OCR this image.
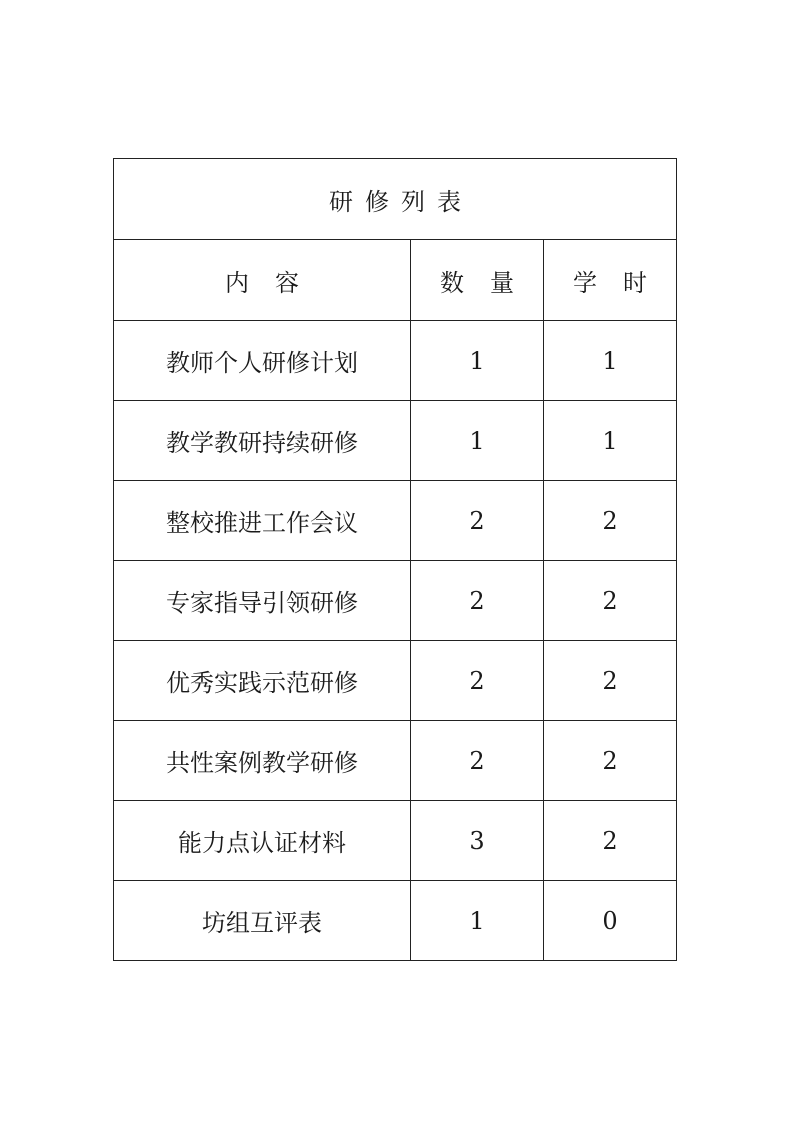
研修列表		
内容	数量	学时
教师个人研修计划	1	1
教学教研持续研修	1	1
整校推进工作会议	2	2
专家指导引领研修	2	2
优秀实践示范研修	2	2
共性案例教学研修	2	2
能力点认证材料	3	2
坊组互评表	1	0
